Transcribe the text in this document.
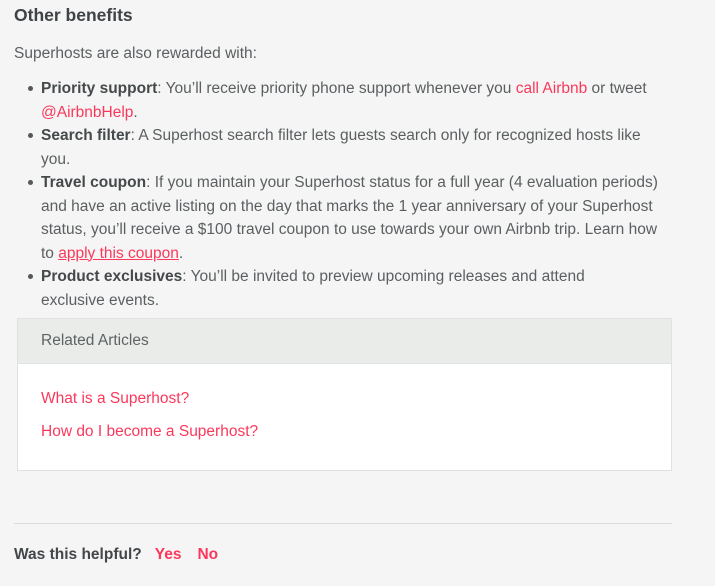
Other benefits

Superhosts are also rewarded with:

Priority support: You’ll receive priority phone support whenever you call Airbnb or tweet @AirbnbHelp.
Search filter: A Superhost search filter lets guests search only for recognized hosts like you.
Travel coupon: If you maintain your Superhost status for a full year (4 evaluation periods) and have an active listing on the day that marks the 1 year anniversary of your Superhost status, you’ll receive a $100 travel coupon to use towards your own Airbnb trip. Learn how to apply this coupon.
Product exclusives: You’ll be invited to preview upcoming releases and attend exclusive events.
Related Articles
What is a Superhost?
How do I become a Superhost?
Was this helpful? Yes No
